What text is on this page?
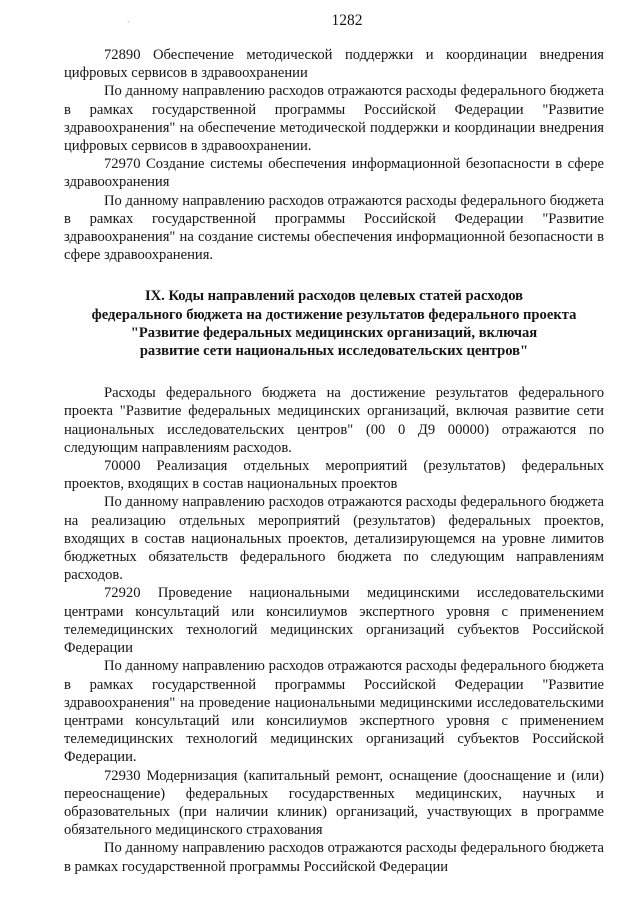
`	1282

72890 Обеспечение методической поддержки и координации внедрения цифровых сервисов в здравоохранении

По данному направлению расходов отражаются расходы федерального бюджета в рамках государственной программы Российской Федерации "Развитие здравоохранения" на обеспечение методической поддержки и координации внедрения цифровых сервисов в здравоохранении.

72970 Создание системы обеспечения информационной безопасности в сфере здравоохранения

По данному направлению расходов отражаются расходы федерального бюджета в рамках государственной программы Российской Федерации "Развитие здравоохранения" на создание системы обеспечения информационной безопасности в сфере здравоохранения.

IX. Коды направлений расходов целевых статей расходов
федерального бюджета на достижение результатов федерального проекта
"Развитие федеральных медицинских организаций, включая
развитие сети национальных исследовательских центров"

Расходы федерального бюджета на достижение результатов федерального проекта "Развитие федеральных медицинских организаций, включая развитие сети национальных исследовательских центров" (00 0 Д9 00000) отражаются по следующим направлениям расходов.

70000 Реализация отдельных мероприятий (результатов) федеральных проектов, входящих в состав национальных проектов

По данному направлению расходов отражаются расходы федерального бюджета на реализацию отдельных мероприятий (результатов) федеральных проектов, входящих в состав национальных проектов, детализирующемся на уровне лимитов бюджетных обязательств федерального бюджета по следующим направлениям расходов.

72920 Проведение национальными медицинскими исследовательскими центрами консультаций или консилиумов экспертного уровня с применением телемедицинских технологий медицинских организаций субъектов Российской Федерации

По данному направлению расходов отражаются расходы федерального бюджета в рамках государственной программы Российской Федерации "Развитие здравоохранения" на проведение национальными медицинскими исследовательскими центрами консультаций или консилиумов экспертного уровня с применением телемедицинских технологий медицинских организаций субъектов Российской Федерации.

72930 Модернизация (капитальный ремонт, оснащение (дооснащение и (или) переоснащение) федеральных государственных медицинских, научных и образовательных (при наличии клиник) организаций, участвующих в программе обязательного медицинского страхования

По данному направлению расходов отражаются расходы федерального бюджета в рамках государственной программы Российской Федерации
